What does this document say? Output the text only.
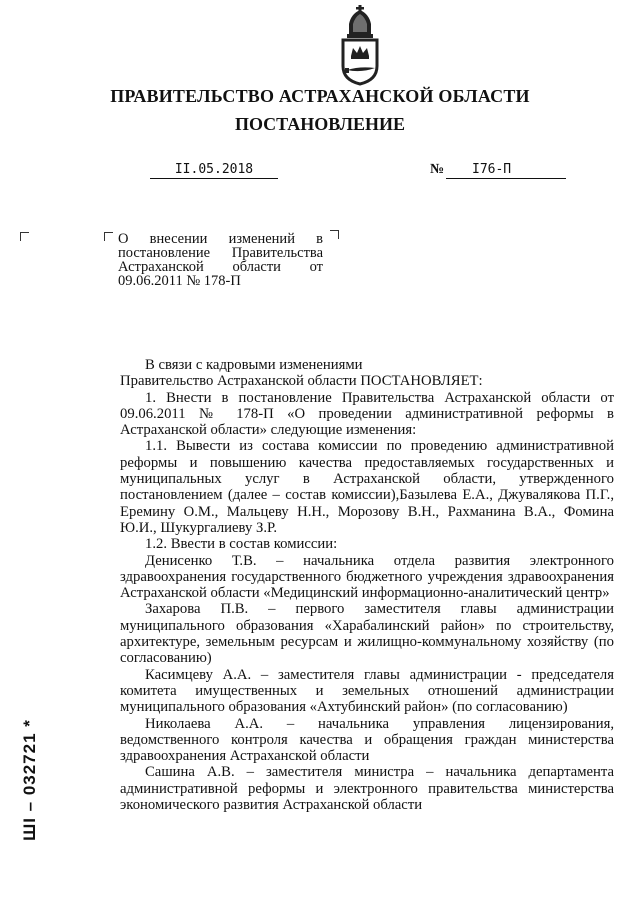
ПРАВИТЕЛЬСТВО АСТРАХАНСКОЙ ОБЛАСТИ
ПОСТАНОВЛЕНИЕ
II.05.2018	№	I76-П
О внесении изменений в постановление Правительства Астраханской области от 09.06.2011 № 178-П

В связи с кадровыми изменениями

Правительство Астраханской области ПОСТАНОВЛЯЕТ:

1. Внести в постановление Правительства Астраханской области от 09.06.2011 № 178-П «О проведении административной реформы в Астраханской области» следующие изменения:

1.1. Вывести из состава комиссии по проведению административной реформы и повышению качества предоставляемых государственных и муниципальных услуг в Астраханской области, утвержденного постановлением (далее – состав комиссии),Базылева Е.А., Джувалякова П.Г., Еремину О.М., Мальцеву Н.Н., Морозову В.Н., Рахманина В.А., Фомина Ю.И., Шукургалиеву З.Р.

1.2. Ввести в состав комиссии:

Денисенко Т.В. – начальника отдела развития электронного здравоохранения государственного бюджетного учреждения здравоохранения Астраханской области «Медицинский информационно-аналитический центр»

Захарова П.В. – первого заместителя главы администрации муниципального образования «Харабалинский район» по строительству, архитектуре, земельным ресурсам и жилищно-коммунальному хозяйству (по согласованию)

Касимцеву А.А. – заместителя главы администрации - председателя комитета имущественных и земельных отношений администрации муниципального образования «Ахтубинский район» (по согласованию)

Николаева А.А. – начальника управления лицензирования, ведомственного контроля качества и обращения граждан министерства здравоохранения Астраханской области

Сашина А.В. – заместителя министра – начальника департамента административной реформы и электронного правительства министерства экономического развития Астраханской области

ШI – 032721 *
